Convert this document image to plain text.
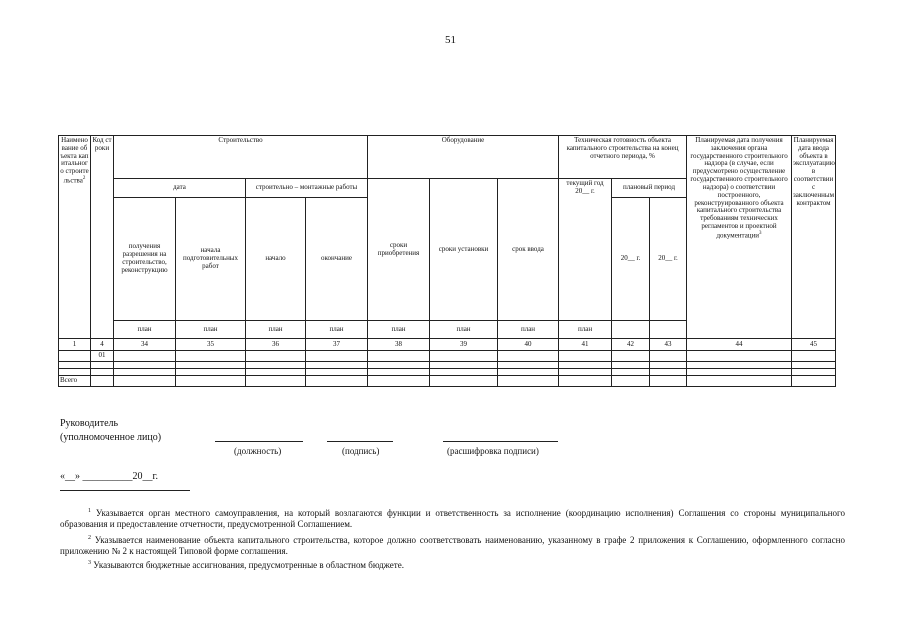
51
Наименование объекта капитального строительства$^2$	Код строки	Строительство				Оборудование			Техническая готовность объекта капитального строительства на конец отчетного периода, %			Планируемая дата получения заключения органа государственного строительного надзора (в случае, если предусмотрено осуществление государственного строительного надзора) о соответствии построенного, реконструированного объекта капитального строительства требованиям технических регламентов и проектной документации$^3$	Планируемая дата ввода объекта в эксплуатацию в соответствии с заключенным контрактом
		дата		строительно – монтажные работы		сроки приобретения	сроки установки	срок ввода	текущий год 20__ г.	плановый период			
		получения разрешения на строительство, реконструкцию	начала подготовительных работ	начало	окончание					20__ г.	20__ г.		
		план	план	план	план	план	план	план	план				
1	4	34	35	36	37	38	39	40	41	42	43	44	45
	01												

Всего													
Руководитель
(уполномоченное лицо)
(должность)	(подпись)	(расшифровка подписи)
«__» __________20__г.
$^1$ Указывается орган местного самоуправления, на который возлагаются функции и ответственность за исполнение (координацию исполнения) Соглашения со стороны муниципального образования и предоставление отчетности, предусмотренной Соглашением.
$^2$ Указывается наименование объекта капитального строительства, которое должно соответствовать наименованию, указанному в графе 2 приложения к Соглашению, оформленного согласно приложению № 2 к настоящей Типовой форме соглашения.
$^3$ Указываются бюджетные ассигнования, предусмотренные в областном бюджете.
